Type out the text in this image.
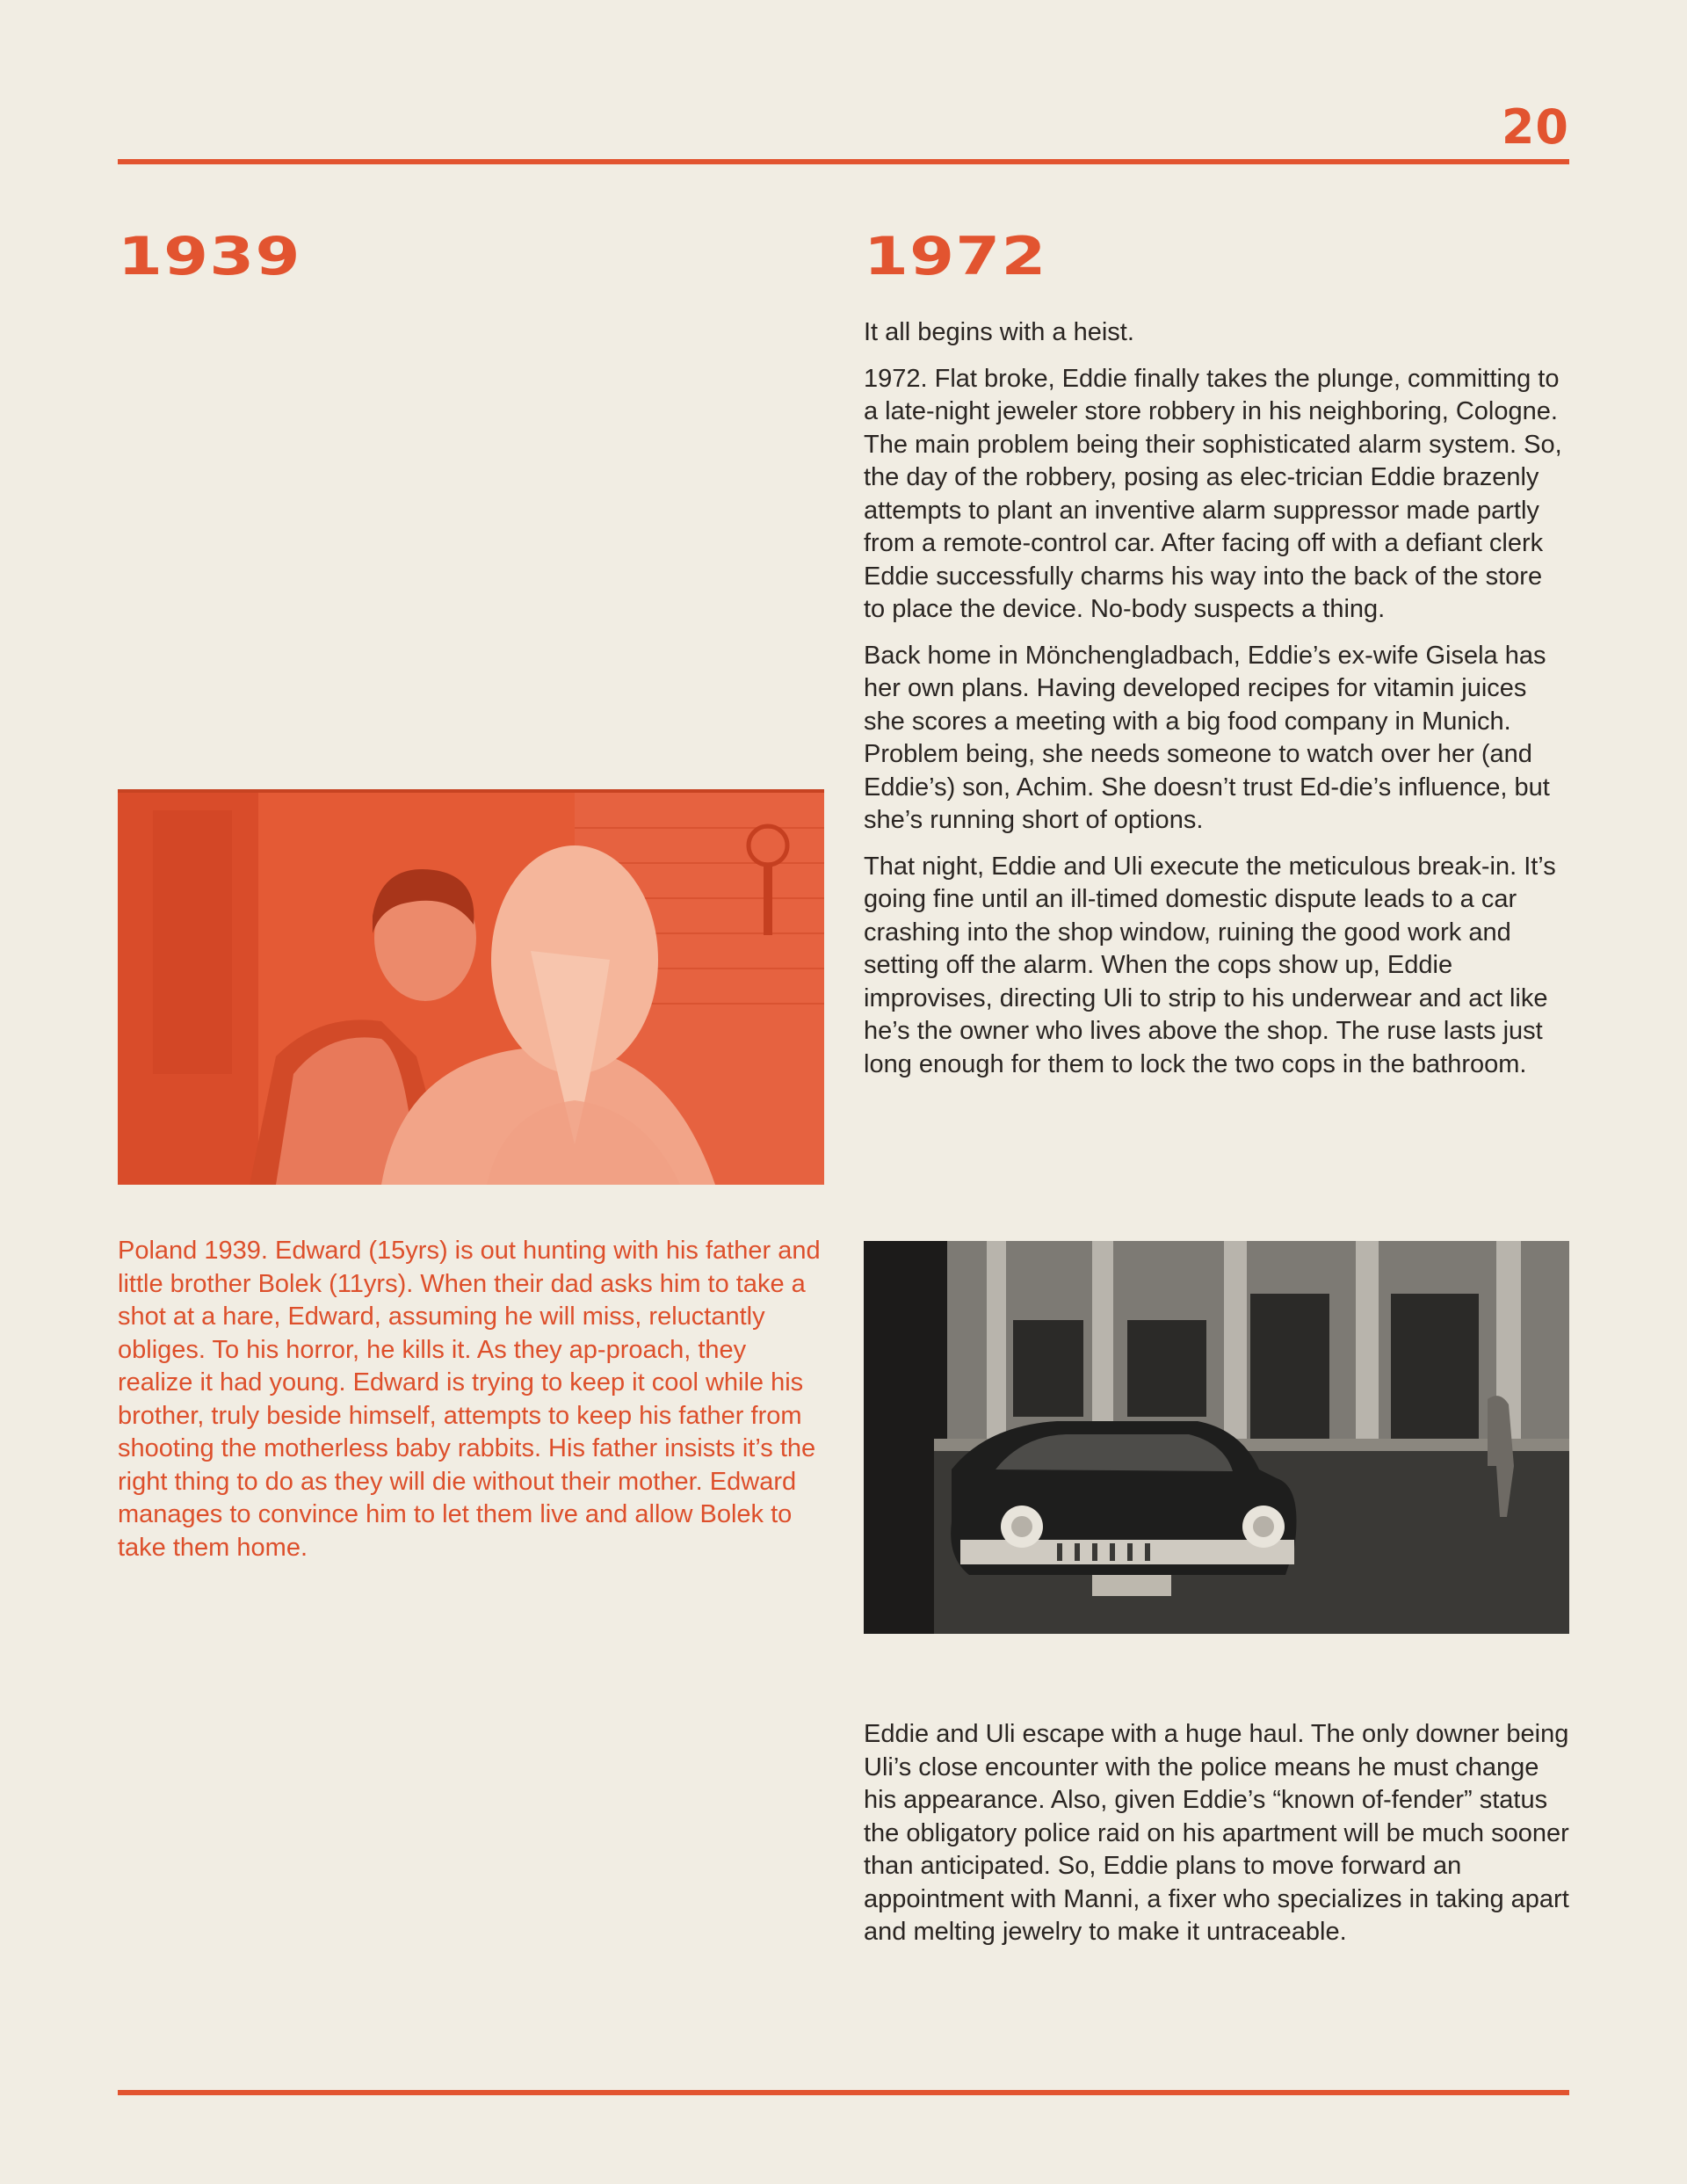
20
1939	1972

It all begins with a heist.

1972. Flat broke, Eddie finally takes the plunge, committing to a late-night jeweler store robbery in his neighboring, Cologne. The main problem being their sophisticated alarm system. So, the day of the robbery, posing as elec-trician Eddie brazenly attempts to plant an inventive alarm suppressor made partly from a remote-control car. After facing off with a defiant clerk Eddie successfully charms his way into the back of the store to place the device. No-body suspects a thing.

Back home in Mönchengladbach, Eddie’s ex-wife Gisela has her own plans. Having developed recipes for vitamin juices she scores a meeting with a big food company in Munich. Problem being, she needs someone to watch over her (and Eddie’s) son, Achim. She doesn’t trust Ed-die’s influence, but she’s running short of options.

That night, Eddie and Uli execute the meticulous break-in. It’s going fine until an ill-timed domestic dispute leads to a car crashing into the shop window, ruining the good work and setting off the alarm. When the cops show up, Eddie improvises, directing Uli to strip to his underwear and act like he’s the owner who lives above the shop. The ruse lasts just long enough for them to lock the two cops in the bathroom.

Poland 1939. Edward (15yrs) is out hunting with his father and little brother Bolek (11yrs). When their dad asks him to take a shot at a hare, Edward, assuming he will miss, reluctantly obliges. To his horror, he kills it. As they ap-proach, they realize it had young. Edward is trying to keep it cool while his brother, truly beside himself, attempts to keep his father from shooting the motherless baby rabbits. His father insists it’s the right thing to do as they will die without their mother. Edward manages to convince him to let them live and allow Bolek to take them home.

Eddie and Uli escape with a huge haul. The only downer being Uli’s close encounter with the police means he must change his appearance. Also, given Eddie’s “known of-fender” status the obligatory police raid on his apartment will be much sooner than anticipated. So, Eddie plans to move forward an appointment with Manni, a fixer who specializes in taking apart and melting jewelry to make it untraceable.
